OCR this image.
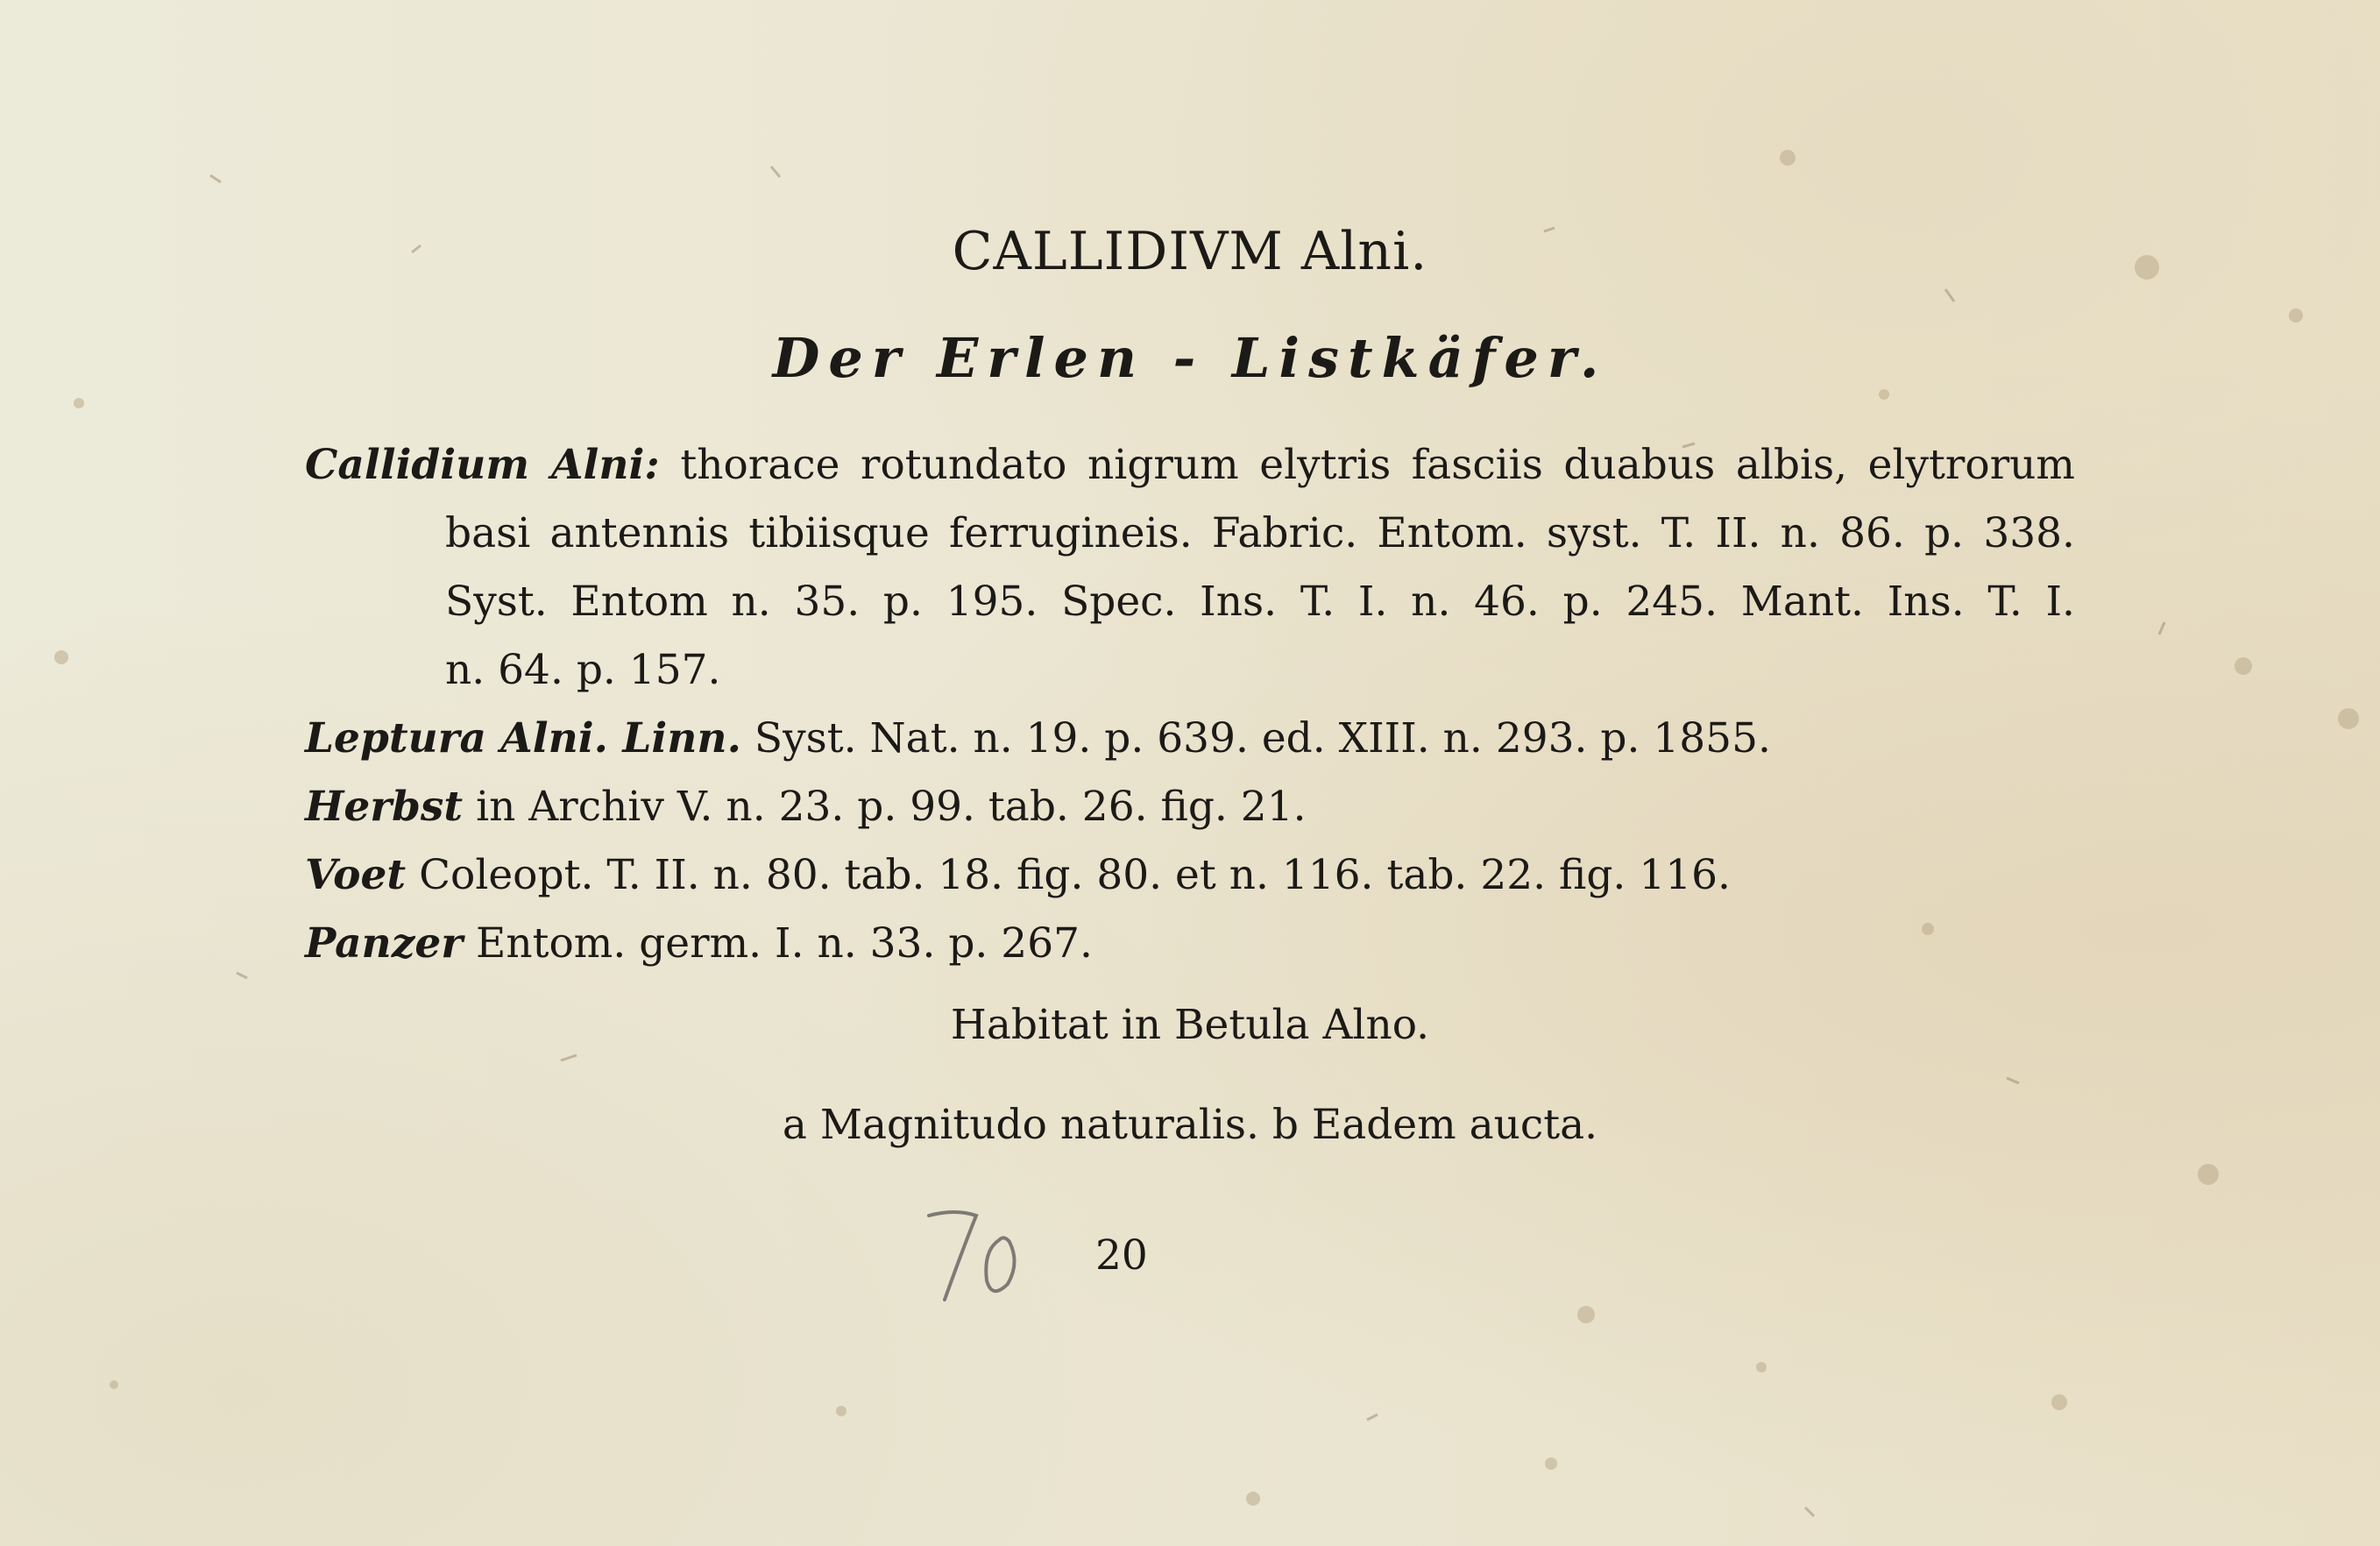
CALLIDIVM Alni.
Der Erlen - Listkäfer.
Callidium Alni: thorace rotundato nigrum elytris fasciis duabus albis, elytrorum
basi antennis tibiisque ferrugineis. Fabric. Entom. syst. T. II. n. 86. p. 338.
Syst. Entom n. 35. p. 195. Spec. Ins. T. I. n. 46. p. 245. Mant. Ins. T. I.
n. 64. p. 157.
Leptura Alni. Linn. Syst. Nat. n. 19. p. 639. ed. XIII. n. 293. p. 1855.
Herbst in Archiv V. n. 23. p. 99. tab. 26. fig. 21.
Voet Coleopt. T. II. n. 80. tab. 18. fig. 80. et n. 116. tab. 22. fig. 116.
Panzer Entom. germ. I. n. 33. p. 267.
Habitat in Betula Alno.
a Magnitudo naturalis. b Eadem aucta.
20
